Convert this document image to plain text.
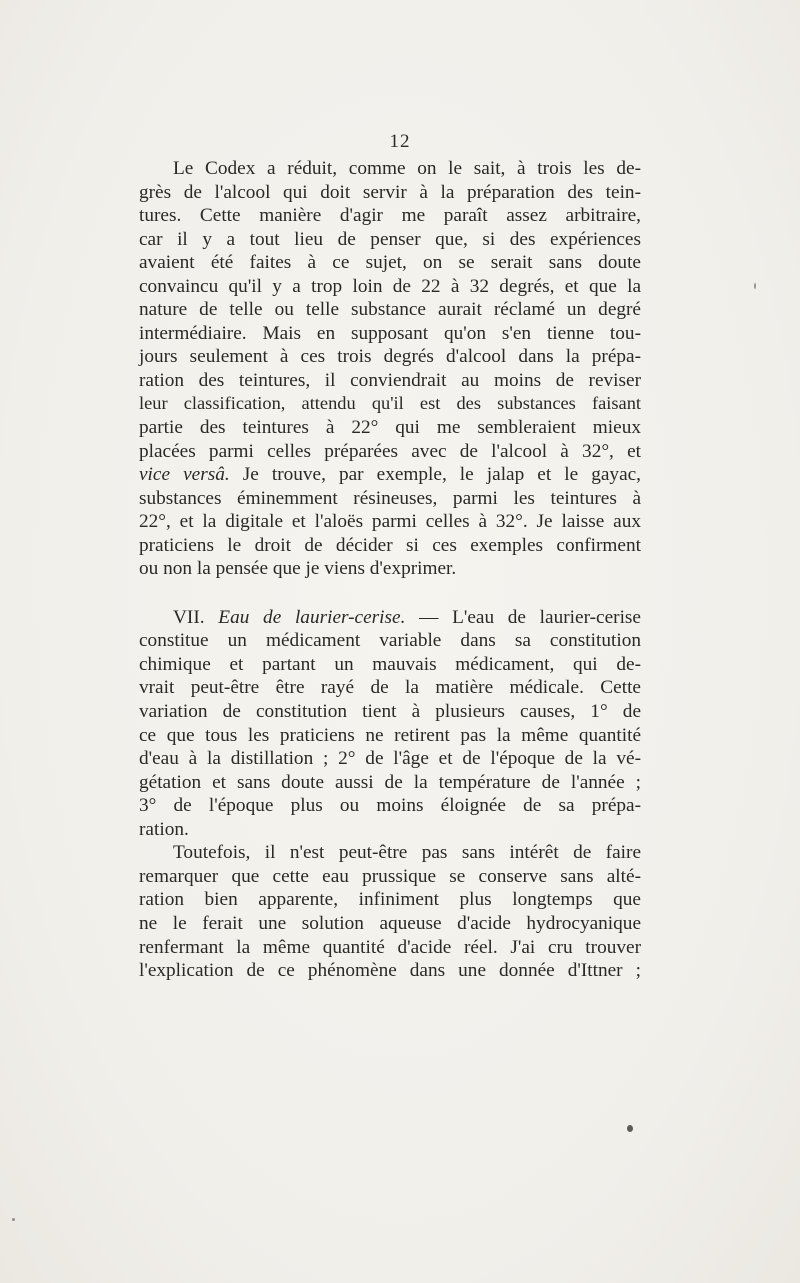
12
Le Codex a réduit, comme on le sait, à trois les de-
grès de l'alcool qui doit servir à la préparation des tein-
tures. Cette manière d'agir me paraît assez arbitraire,
car il y a tout lieu de penser que, si des expériences
avaient été faites à ce sujet, on se serait sans doute
convaincu qu'il y a trop loin de 22 à 32 degrés, et que la
nature de telle ou telle substance aurait réclamé un degré
intermédiaire. Mais en supposant qu'on s'en tienne tou-
jours seulement à ces trois degrés d'alcool dans la prépa-
ration des teintures, il conviendrait au moins de reviser
leur classification, attendu qu'il est des substances faisant
partie des teintures à 22° qui me sembleraient mieux
placées parmi celles préparées avec de l'alcool à 32°, et
vice versâ. Je trouve, par exemple, le jalap et le gayac,
substances éminemment résineuses, parmi les teintures à
22°, et la digitale et l'aloës parmi celles à 32°. Je laisse aux
praticiens le droit de décider si ces exemples confirment
ou non la pensée que je viens d'exprimer.
VII. Eau de laurier-cerise. — L'eau de laurier-cerise
constitue un médicament variable dans sa constitution
chimique et partant un mauvais médicament, qui de-
vrait peut-être être rayé de la matière médicale. Cette
variation de constitution tient à plusieurs causes, 1° de
ce que tous les praticiens ne retirent pas la même quantité
d'eau à la distillation ; 2° de l'âge et de l'époque de la vé-
gétation et sans doute aussi de la température de l'année ;
3° de l'époque plus ou moins éloignée de sa prépa-
ration.
Toutefois, il n'est peut-être pas sans intérêt de faire
remarquer que cette eau prussique se conserve sans alté-
ration bien apparente, infiniment plus longtemps que
ne le ferait une solution aqueuse d'acide hydrocyanique
renfermant la même quantité d'acide réel. J'ai cru trouver
l'explication de ce phénomène dans une donnée d'Ittner ;
